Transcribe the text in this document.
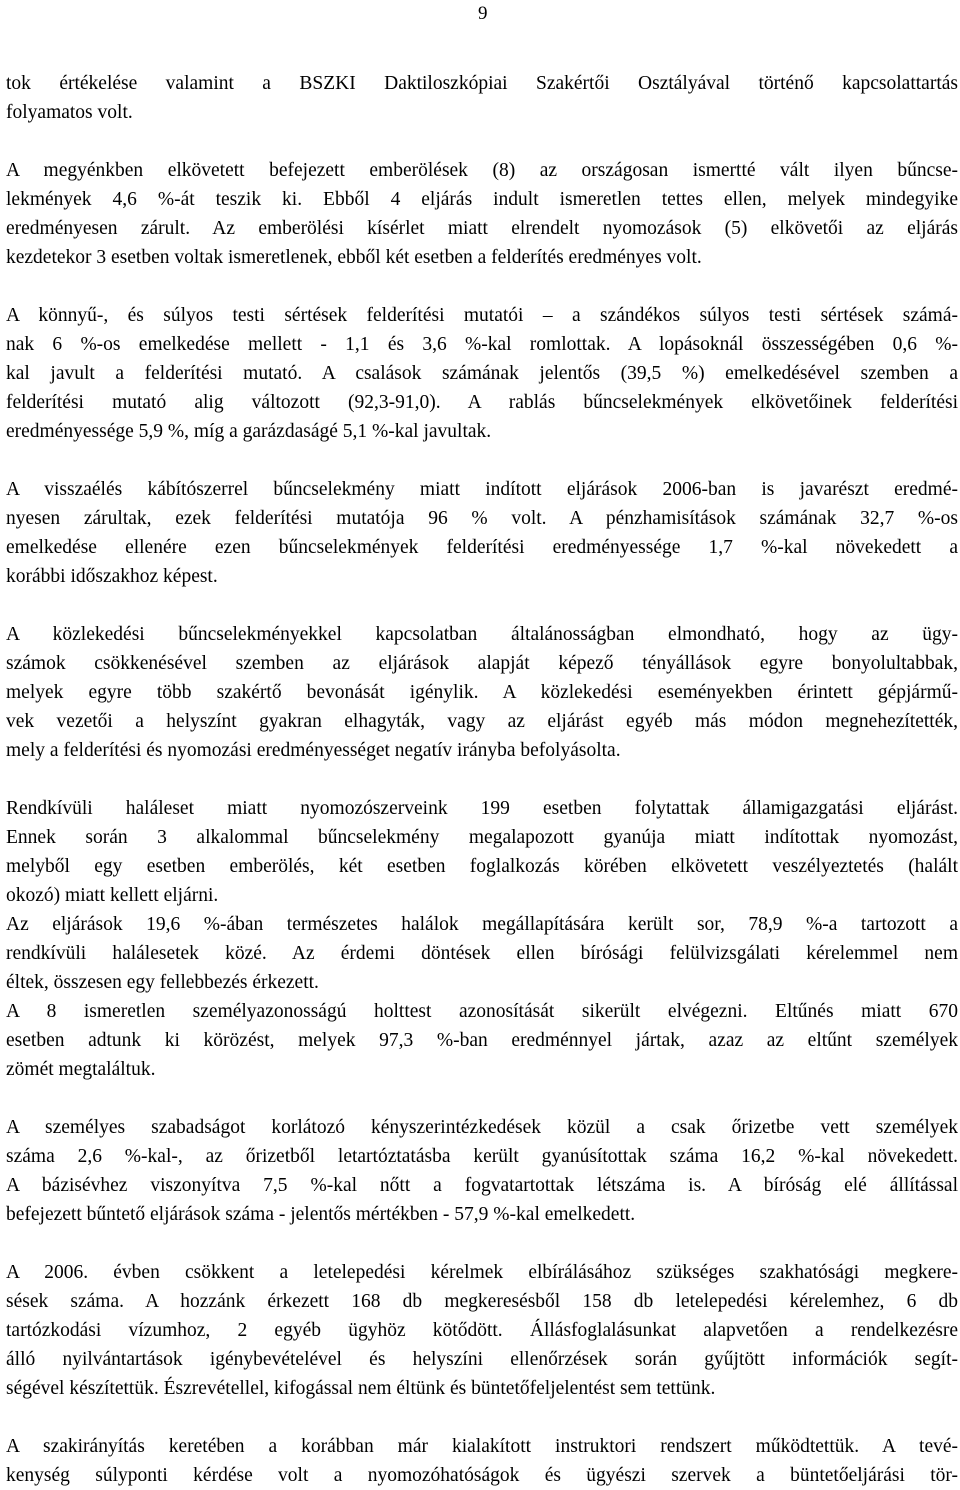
9
tok értékelése valamint a BSZKI Daktiloszkópiai Szakértői Osztályával történő kapcsolattartás
folyamatos volt.
A megyénkben elkövetett befejezett emberölések (8) az országosan ismertté vált ilyen bűncse-
lekmények 4,6 %-át teszik ki. Ebből 4 eljárás indult ismeretlen tettes ellen, melyek mindegyike
eredményesen zárult. Az emberölési kísérlet miatt elrendelt nyomozások (5) elkövetői az eljárás
kezdetekor 3 esetben voltak ismeretlenek, ebből két esetben a felderítés eredményes volt.
A könnyű-, és súlyos testi sértések felderítési mutatói – a szándékos súlyos testi sértések számá-
nak 6 %-os emelkedése mellett - 1,1 és 3,6 %-kal romlottak. A lopásoknál összességében 0,6 %-
kal javult a felderítési mutató. A csalások számának jelentős (39,5 %) emelkedésével szemben a
felderítési mutató alig változott (92,3-91,0). A rablás bűncselekmények elkövetőinek felderítési
eredményessége 5,9 %, míg a garázdaságé 5,1 %-kal javultak.
A visszaélés kábítószerrel bűncselekmény miatt indított eljárások 2006-ban is javarészt eredmé-
nyesen zárultak, ezek felderítési mutatója 96 % volt. A pénzhamisítások számának 32,7 %-os
emelkedése ellenére ezen bűncselekmények felderítési eredményessége 1,7 %-kal növekedett a
korábbi időszakhoz képest.
A közlekedési bűncselekményekkel kapcsolatban általánosságban elmondható, hogy az ügy-
számok csökkenésével szemben az eljárások alapját képező tényállások egyre bonyolultabbak,
melyek egyre több szakértő bevonását igénylik. A közlekedési eseményekben érintett gépjármű-
vek vezetői a helyszínt gyakran elhagyták, vagy az eljárást egyéb más módon megnehezítették,
mely a felderítési és nyomozási eredményességet negatív irányba befolyásolta.
Rendkívüli haláleset miatt nyomozószerveink 199 esetben folytattak államigazgatási eljárást.
Ennek során 3 alkalommal bűncselekmény megalapozott gyanúja miatt indítottak nyomozást,
melyből egy esetben emberölés, két esetben foglalkozás körében elkövetett veszélyeztetés (halált
okozó) miatt kellett eljárni.
Az eljárások 19,6 %-ában természetes halálok megállapítására került sor, 78,9 %-a tartozott a
rendkívüli halálesetek közé. Az érdemi döntések ellen bírósági felülvizsgálati kérelemmel nem
éltek, összesen egy fellebbezés érkezett.
A 8 ismeretlen személyazonosságú holttest azonosítását sikerült elvégezni. Eltűnés miatt 670
esetben adtunk ki körözést, melyek 97,3 %-ban eredménnyel jártak, azaz az eltűnt személyek
zömét megtaláltuk.
A személyes szabadságot korlátozó kényszerintézkedések közül a csak őrizetbe vett személyek
száma 2,6 %-kal-, az őrizetből letartóztatásba került gyanúsítottak száma 16,2 %-kal növekedett.
A bázisévhez viszonyítva 7,5 %-kal nőtt a fogvatartottak létszáma is. A bíróság elé állítással
befejezett bűntető eljárások száma - jelentős mértékben - 57,9 %-kal emelkedett.
A 2006. évben csökkent a letelepedési kérelmek elbírálásához szükséges szakhatósági megkere-
sések száma. A hozzánk érkezett 168 db megkeresésből 158 db letelepedési kérelemhez, 6 db
tartózkodási vízumhoz, 2 egyéb ügyhöz kötődött. Állásfoglalásunkat alapvetően a rendelkezésre
álló nyilvántartások igénybevételével és helyszíni ellenőrzések során gyűjtött információk segít-
ségével készítettük. Észrevétellel, kifogással nem éltünk és büntetőfeljelentést sem tettünk.
A szakirányítás keretében a korábban már kialakított instruktori rendszert működtettük. A tevé-
kenység súlyponti kérdése volt a nyomozóhatóságok és ügyészi szervek a büntetőeljárási tör-
